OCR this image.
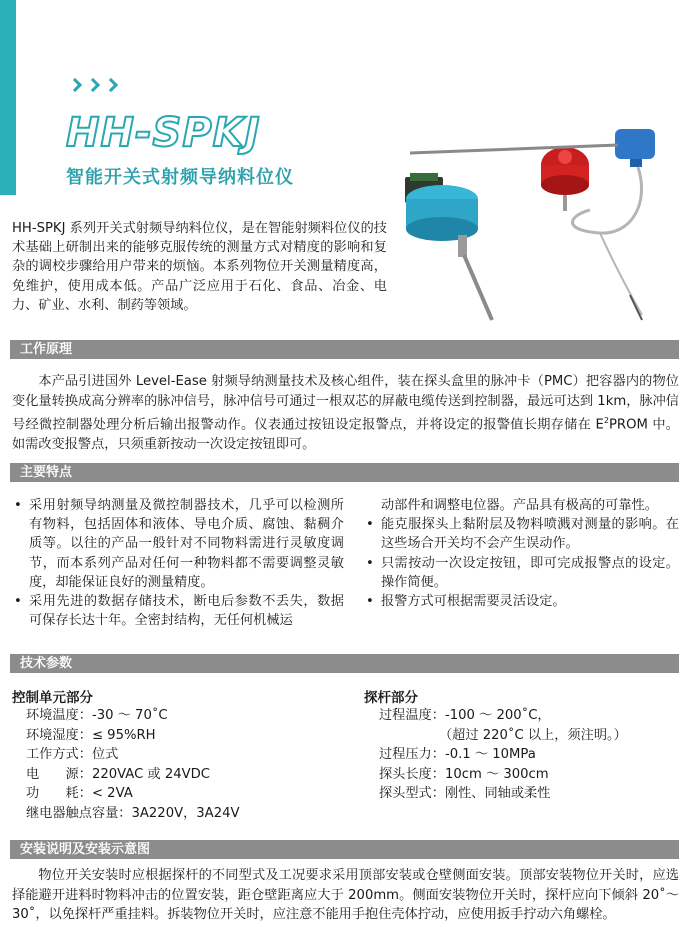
HH-SPKJ
智能开关式射频导纳料位仪
HH-SPKJ 系列开关式射频导纳料位仪，是在智能射频料位仪的技术基础上研制出来的能够克服传统的测量方式对精度的影响和复杂的调校步骤给用户带来的烦恼。本系列物位开关测量精度高，免维护，使用成本低。产品广泛应用于石化、食品、冶金、电力、矿业、水利、制药等领域。
工作原理
本产品引进国外 Level-Ease 射频导纳测量技术及核心组件，装在探头盒里的脉冲卡（PMC）把容器内的物位变化量转换成高分辨率的脉冲信号，脉冲信号可通过一根双芯的屏蔽电缆传送到控制器，最远可达到 1km，脉冲信号经微控制器处理分析后输出报警动作。仪表通过按钮设定报警点，并将设定的报警值长期存储在 $E^2PROM$ 中。如需改变报警点，只须重新按动一次设定按钮即可。
主要特点
• 采用射频导纳测量及微控制器技术，几乎可以检测所有物料，包括固体和液体、导电介质、腐蚀、黏稠介质等。以往的产品一般针对不同物料需进行灵敏度调节，而本系列产品对任何一种物料都不需要调整灵敏度，却能保证良好的测量精度。
• 采用先进的数据存储技术，断电后参数不丢失，数据可保存长达十年。全密封结构，无任何机械运
动部件和调整电位器。产品具有极高的可靠性。
• 能克服探头上黏附层及物料喷溅对测量的影响。在这些场合开关均不会产生误动作。
• 只需按动一次设定按钮，即可完成报警点的设定。操作简便。
• 报警方式可根据需要灵活设定。
技术参数
控制单元部分
环境温度： -30 ～ 70˚C
环境湿度： ≤ 95%RH
工作方式： 位式
电　　源： 220VAC 或 24VDC
功　　耗： < 2VA
继电器触点容量： 3A220V，3A24V
探杆部分
过程温度： -100 ～ 200˚C，
（超过 220˚C 以上，须注明。）
过程压力： -0.1 ～ 10MPa
探头长度： 10cm ～ 300cm
探头型式： 刚性、同轴或柔性
安装说明及安装示意图
物位开关安装时应根据探杆的不同型式及工况要求采用顶部安装或仓壁侧面安装。顶部安装物位开关时，应选择能避开进料时物料冲击的位置安装，距仓壁距离应大于 200mm。侧面安装物位开关时，探杆应向下倾斜 20˚～30˚，以免探杆严重挂料。拆装物位开关时，应注意不能用手抱住壳体拧动，应使用扳手拧动六角螺栓。
